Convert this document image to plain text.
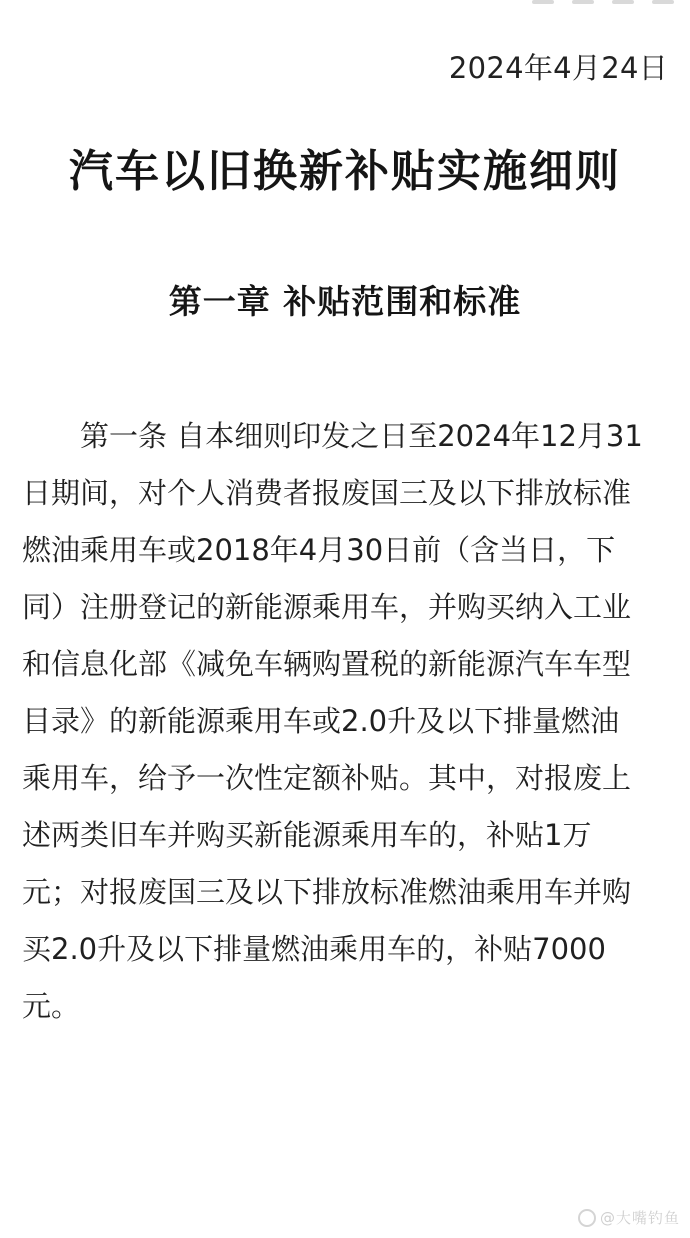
2024年4月24日
汽车以旧换新补贴实施细则
第一章 补贴范围和标准
第一条 自本细则印发之日至2024年12月31
日期间，对个人消费者报废国三及以下排放标准
燃油乘用车或2018年4月30日前（含当日，下
同）注册登记的新能源乘用车，并购买纳入工业
和信息化部《减免车辆购置税的新能源汽车车型
目录》的新能源乘用车或2.0升及以下排量燃油
乘用车，给予一次性定额补贴。其中，对报废上
述两类旧车并购买新能源乘用车的，补贴1万
元；对报废国三及以下排放标准燃油乘用车并购
买2.0升及以下排量燃油乘用车的，补贴7000
元。
@大嘴钓鱼
